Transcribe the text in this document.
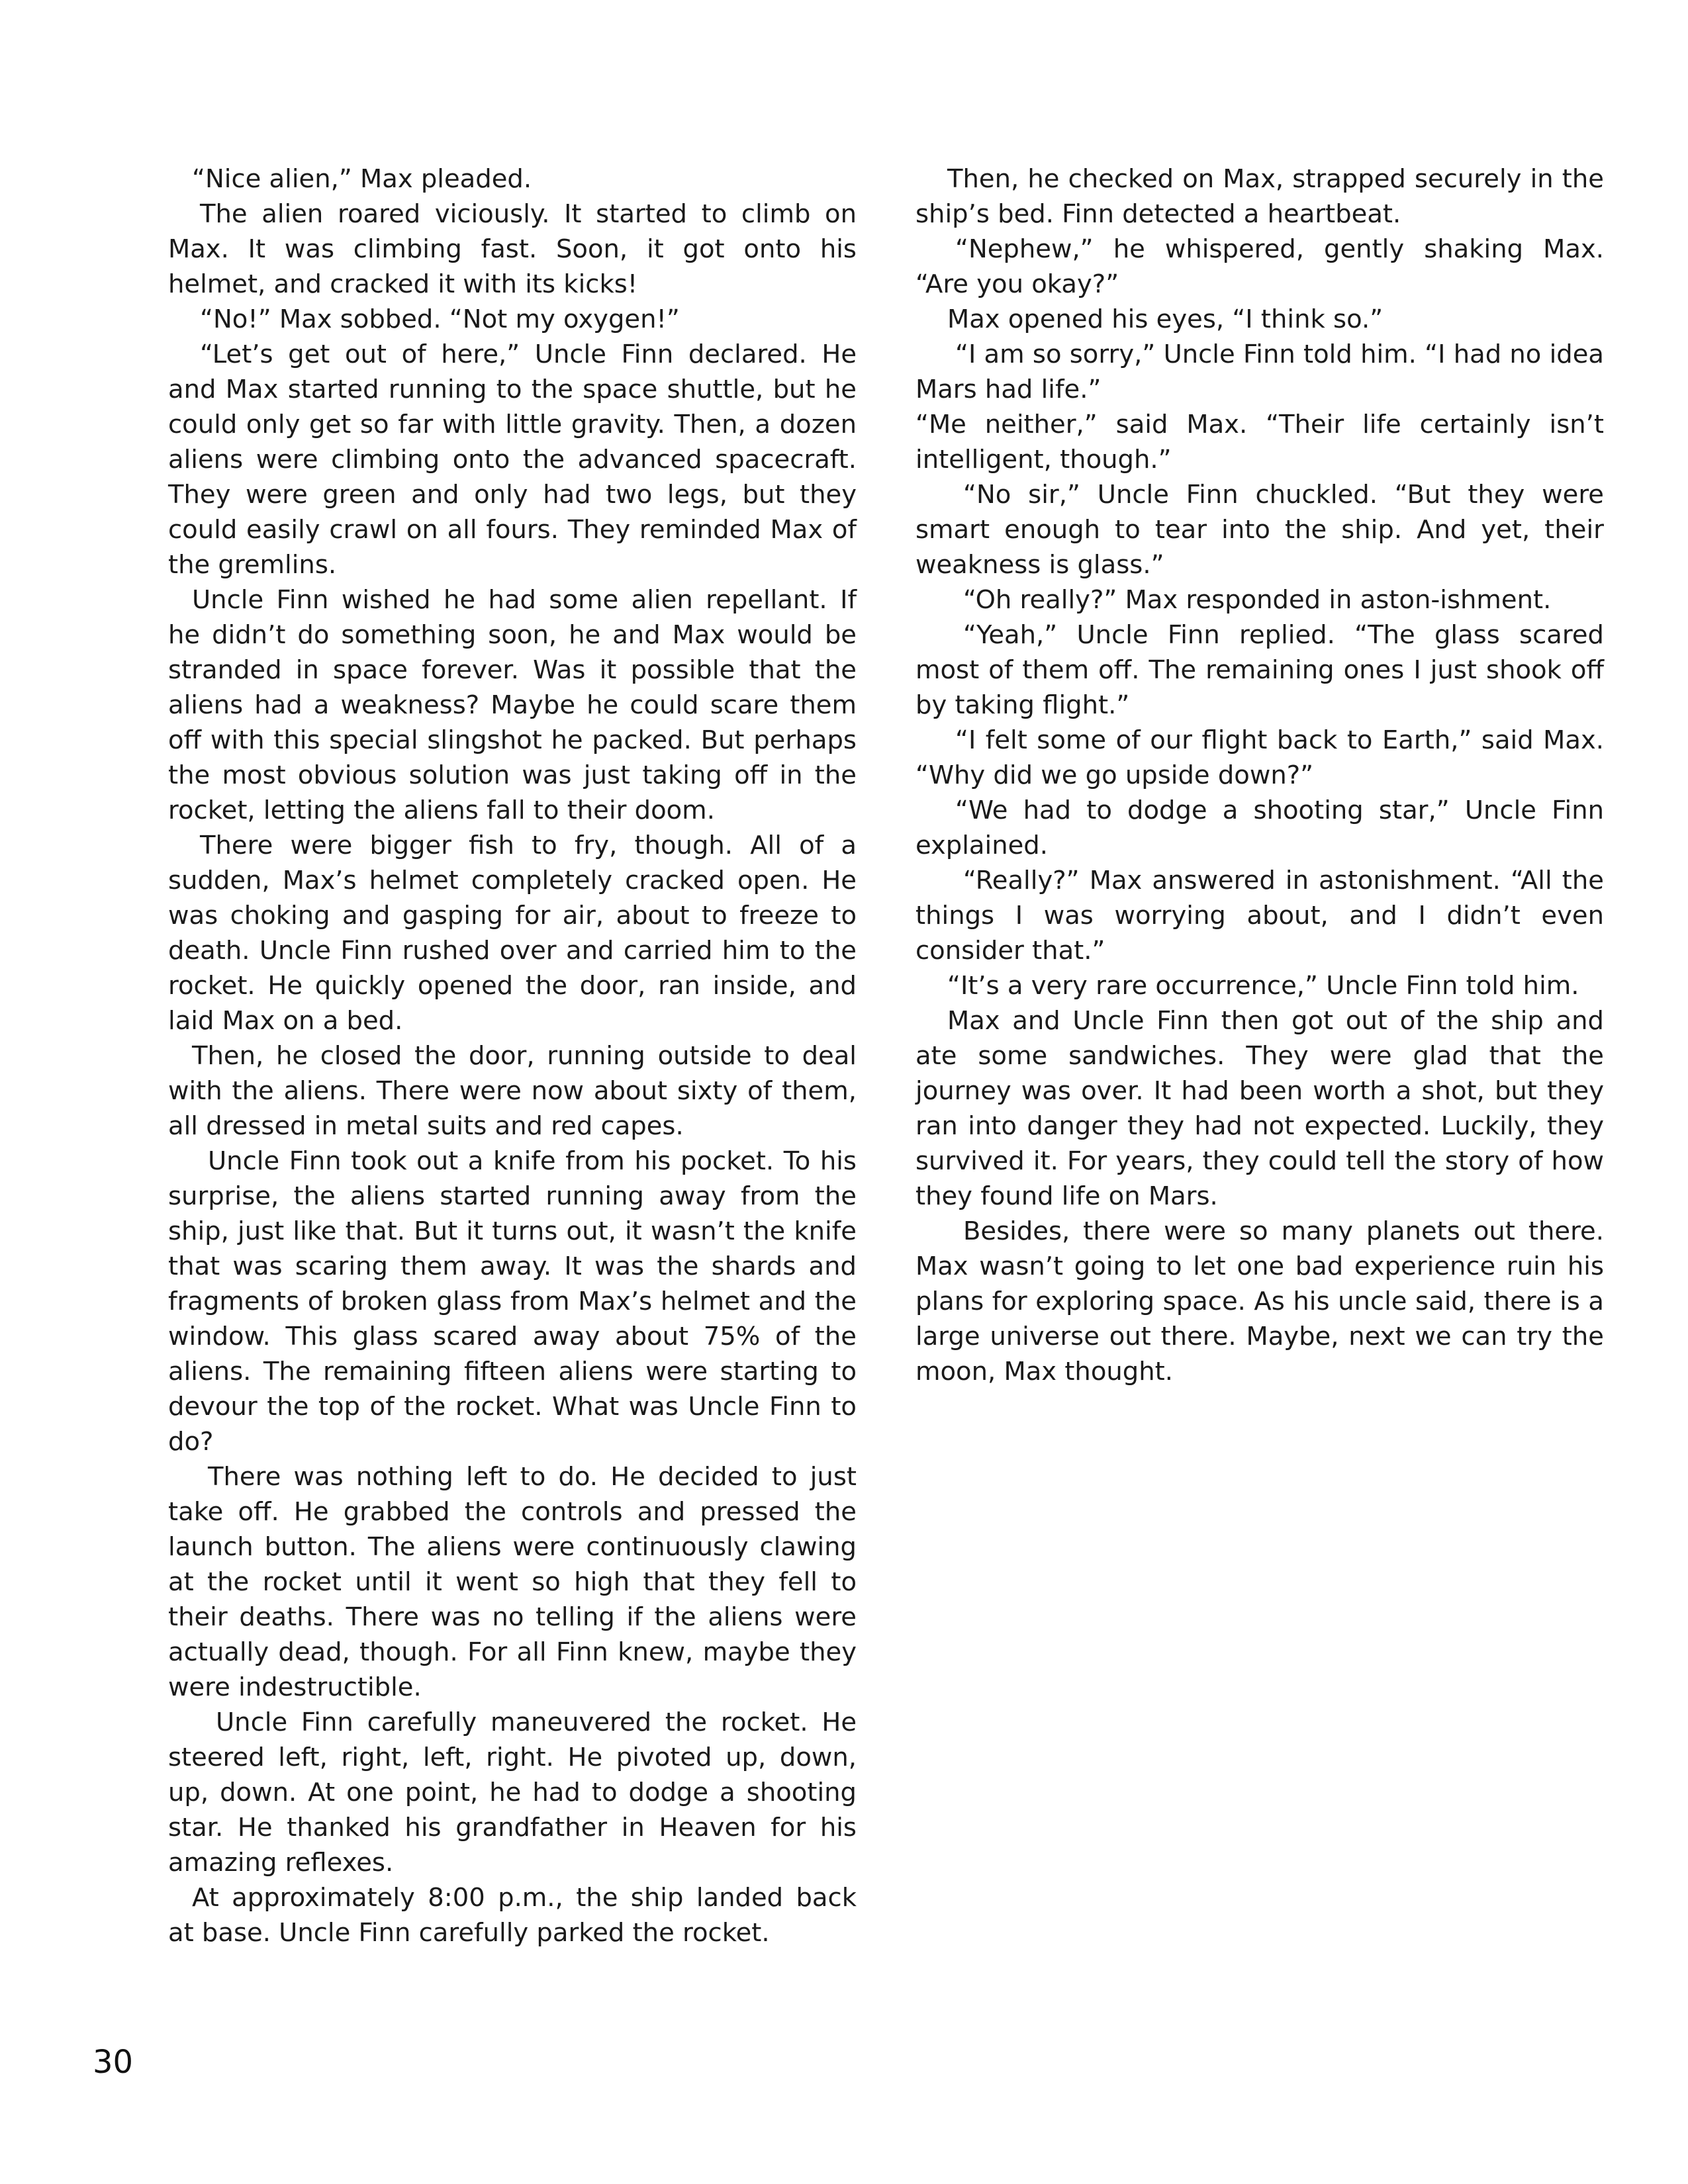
“Nice alien,” Max pleaded.

The alien roared viciously. It started to climb on Max. It was climbing fast. Soon, it got onto his helmet, and cracked it with its kicks!

“No!” Max sobbed. “Not my oxygen!”

“Let’s get out of here,” Uncle Finn declared. He and Max started running to the space shuttle, but he could only get so far with little gravity. Then, a dozen aliens were climbing onto the advanced spacecraft. They were green and only had two legs, but they could easily crawl on all fours. They reminded Max of the gremlins.

Uncle Finn wished he had some alien repellant. If he didn’t do something soon, he and Max would be stranded in space forever. Was it possible that the aliens had a weakness? Maybe he could scare them off with this special slingshot he packed. But perhaps the most obvious solution was just taking off in the rocket, letting the aliens fall to their doom.

There were bigger fish to fry, though. All of a sudden, Max’s helmet completely cracked open. He was choking and gasping for air, about to freeze to death. Uncle Finn rushed over and carried him to the rocket. He quickly opened the door, ran inside, and laid Max on a bed.

Then, he closed the door, running outside to deal with the aliens. There were now about sixty of them, all dressed in metal suits and red capes.

Uncle Finn took out a knife from his pocket. To his surprise, the aliens started running away from the ship, just like that. But it turns out, it wasn’t the knife that was scaring them away. It was the shards and fragments of broken glass from Max’s helmet and the window. This glass scared away about 75% of the aliens. The remaining fifteen aliens were starting to devour the top of the rocket. What was Uncle Finn to do?

There was nothing left to do. He decided to just take off. He grabbed the controls and pressed the launch button. The aliens were continuously clawing at the rocket until it went so high that they fell to their deaths. There was no telling if the aliens were actually dead, though. For all Finn knew, maybe they were indestructible.

Uncle Finn carefully maneuvered the rocket. He steered left, right, left, right. He pivoted up, down, up, down. At one point, he had to dodge a shooting star. He thanked his grandfather in Heaven for his amazing reflexes.

At approximately 8:00 p.m., the ship landed back at base. Uncle Finn carefully parked the rocket.

Then, he checked on Max, strapped securely in the ship’s bed. Finn detected a heartbeat.

“Nephew,” he whispered, gently shaking Max. “Are you okay?”

Max opened his eyes, “I think so.”

“I am so sorry,” Uncle Finn told him. “I had no idea Mars had life.”

“Me neither,” said Max. “Their life certainly isn’t intelligent, though.”

“No sir,” Uncle Finn chuckled. “But they were smart enough to tear into the ship. And yet, their weakness is glass.”

“Oh really?” Max responded in aston-ishment.

“Yeah,” Uncle Finn replied. “The glass scared most of them off. The remaining ones I just shook off by taking flight.”

“I felt some of our flight back to Earth,” said Max. “Why did we go upside down?”

“We had to dodge a shooting star,” Uncle Finn explained.

“Really?” Max answered in astonishment. “All the things I was worrying about, and I didn’t even consider that.”

“It’s a very rare occurrence,” Uncle Finn told him.

Max and Uncle Finn then got out of the ship and ate some sandwiches. They were glad that the journey was over. It had been worth a shot, but they ran into danger they had not expected. Luckily, they survived it. For years, they could tell the story of how they found life on Mars.

Besides, there were so many planets out there. Max wasn’t going to let one bad experience ruin his plans for exploring space. As his uncle said, there is a large universe out there. Maybe, next we can try the moon, Max thought.

30
